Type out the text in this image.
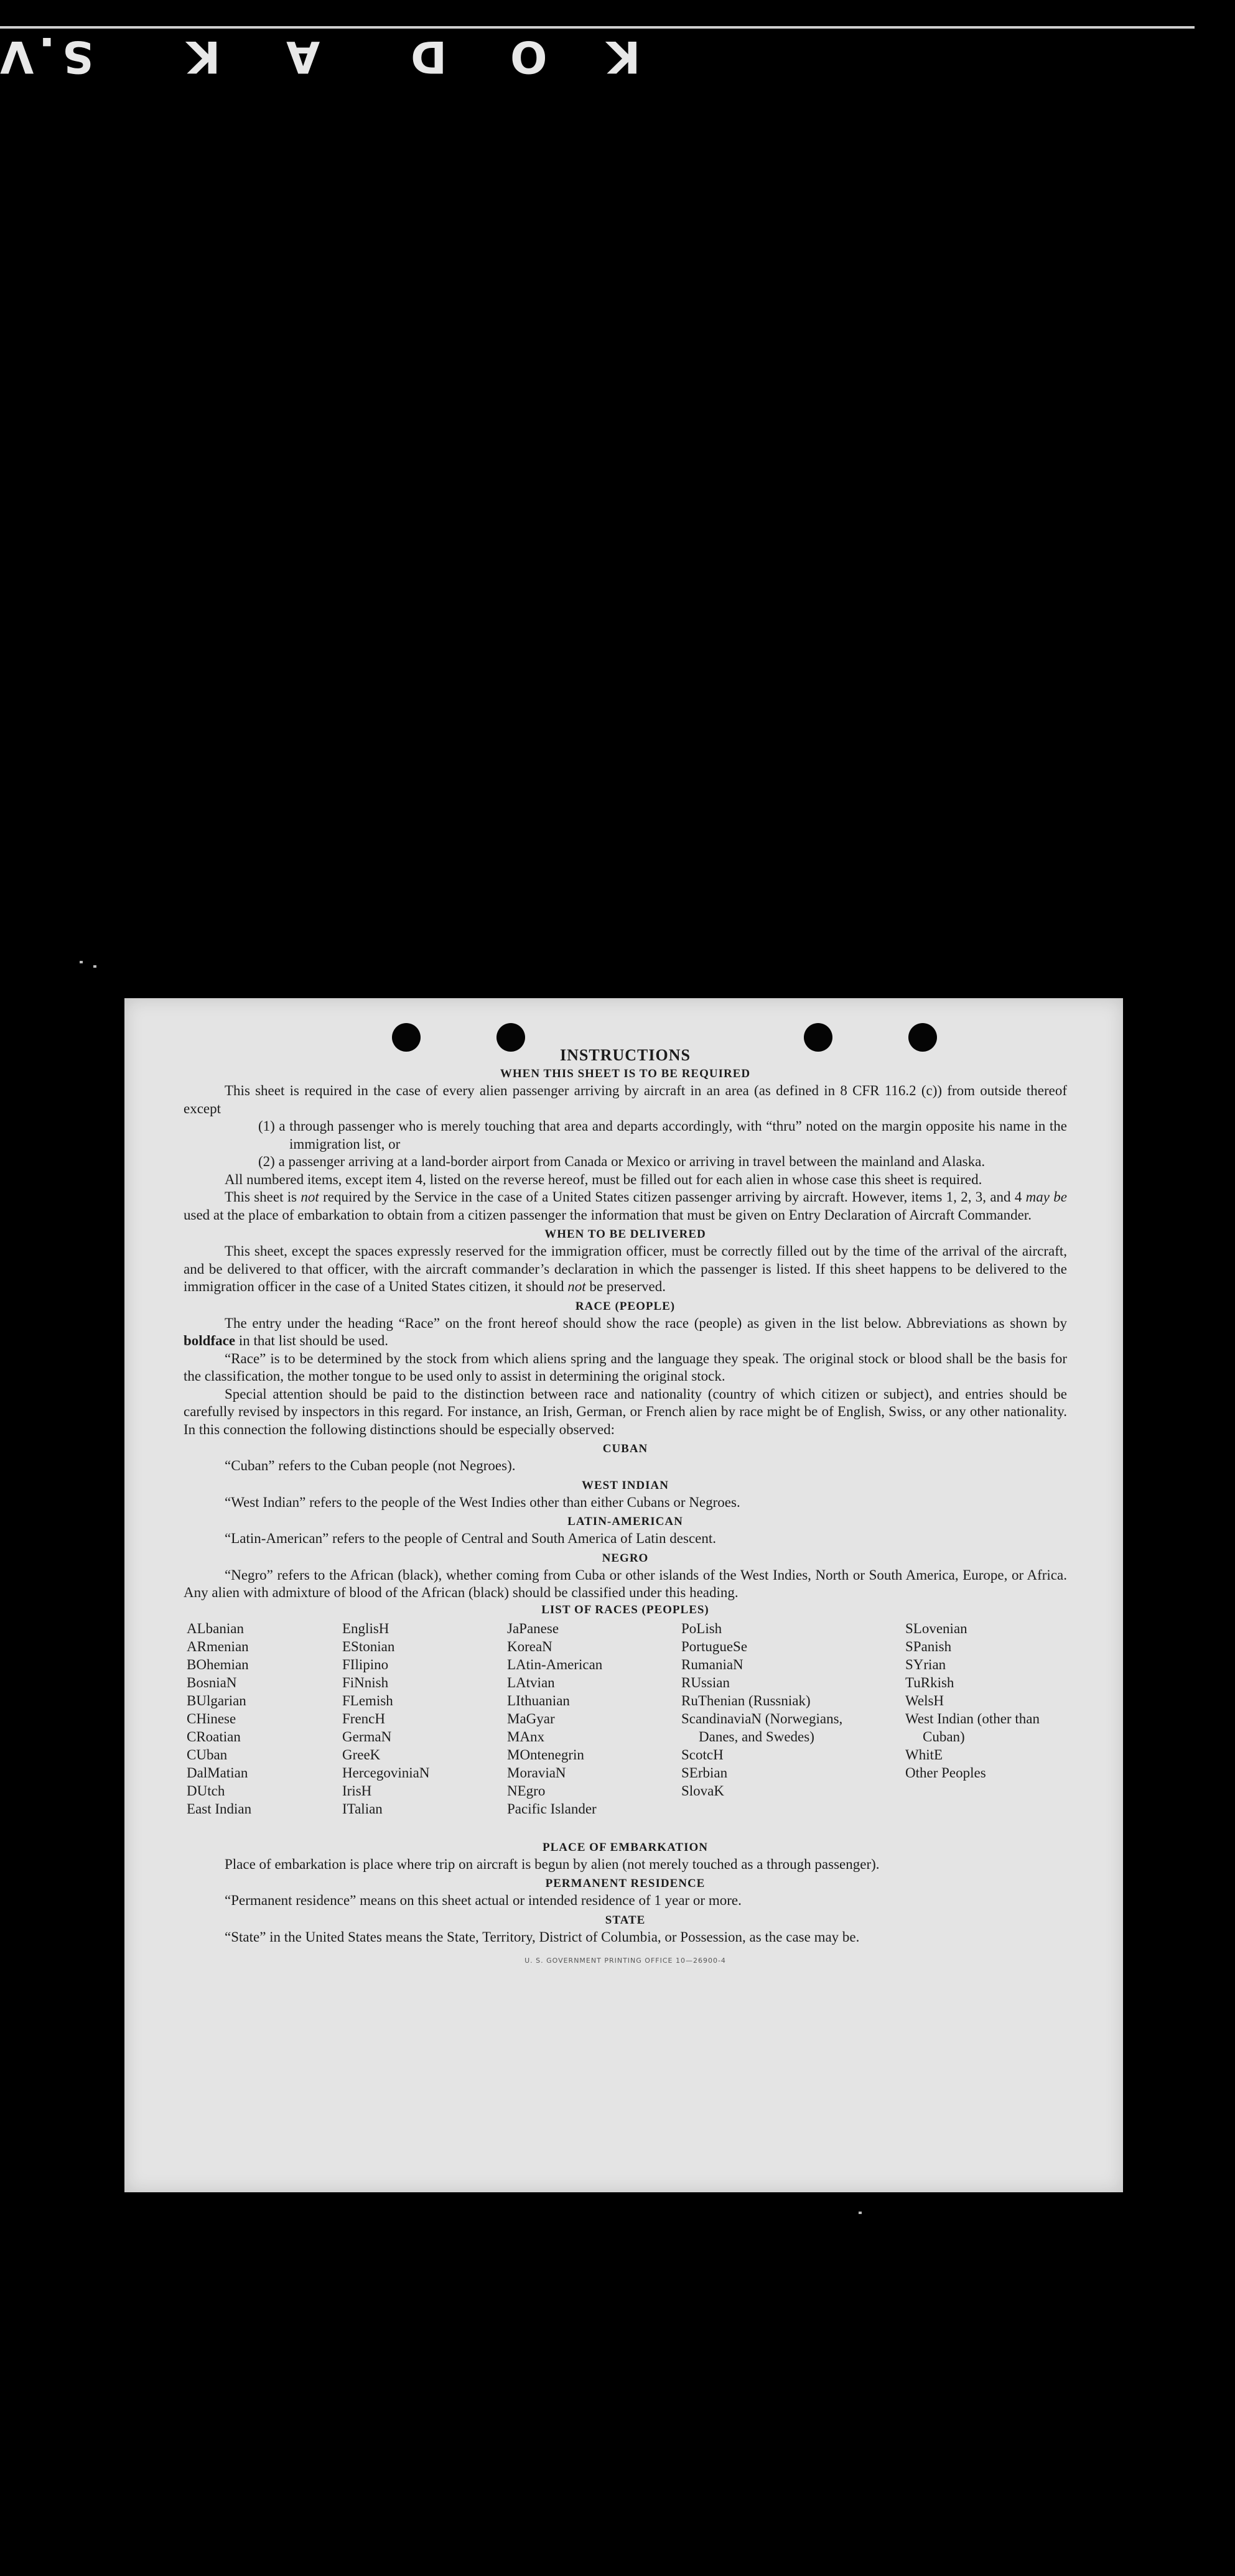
V . S K A D O K
INSTRUCTIONS
WHEN THIS SHEET IS TO BE REQUIRED

This sheet is required in the case of every alien passenger arriving by aircraft in an area (as defined in 8 CFR 116.2 (c)) from outside thereof except

(1) a through passenger who is merely touching that area and departs accordingly, with “thru” noted on the margin opposite his name in the immigration list, or
(2) a passenger arriving at a land-border airport from Canada or Mexico or arriving in travel between the mainland and Alaska.

All numbered items, except item 4, listed on the reverse hereof, must be filled out for each alien in whose case this sheet is required.

This sheet is not required by the Service in the case of a United States citizen passenger arriving by aircraft. However, items 1, 2, 3, and 4 may be used at the place of embarkation to obtain from a citizen passenger the information that must be given on Entry Declaration of Aircraft Commander.

WHEN TO BE DELIVERED

This sheet, except the spaces expressly reserved for the immigration officer, must be correctly filled out by the time of the arrival of the aircraft, and be delivered to that officer, with the aircraft commander’s declaration in which the passenger is listed. If this sheet happens to be delivered to the immigration officer in the case of a United States citizen, it should not be preserved.

RACE (PEOPLE)

The entry under the heading “Race” on the front hereof should show the race (people) as given in the list below. Abbreviations as shown by boldface in that list should be used.

“Race” is to be determined by the stock from which aliens spring and the language they speak. The original stock or blood shall be the basis for the classification, the mother tongue to be used only to assist in determining the original stock.

Special attention should be paid to the distinction between race and nationality (country of which citizen or subject), and entries should be carefully revised by inspectors in this regard. For instance, an Irish, German, or French alien by race might be of English, Swiss, or any other nationality. In this connection the following distinctions should be especially observed:

CUBAN

“Cuban” refers to the Cuban people (not Negroes).

WEST INDIAN

“West Indian” refers to the people of the West Indies other than either Cubans or Negroes.

LATIN-AMERICAN

“Latin-American” refers to the people of Central and South America of Latin descent.

NEGRO

“Negro” refers to the African (black), whether coming from Cuba or other islands of the West Indies, North or South America, Europe, or Africa. Any alien with admixture of blood of the African (black) should be classified under this heading.

LIST OF RACES (PEOPLES)
ALbanian
ARmenian
BOhemian
BosniaN
BUlgarian
CHinese
CRoatian
CUban
DalMatian
DUtch
East Indian
EnglisH
EStonian
FIlipino
FiNnish
FLemish
FrencH
GermaN
GreeK
HercegoviniaN
IrisH
ITalian
JaPanese
KoreaN
LAtin-American
LAtvian
LIthuanian
MaGyar
MAnx
MOntenegrin
MoraviaN
NEgro
Pacific Islander
PoLish
PortugueSe
RumaniaN
RUssian
RuThenian (Russniak)
ScandinaviaN (Norwegians, Danes, and Swedes)
ScotcH
SErbian
SlovaK
SLovenian
SPanish
SYrian
TuRkish
WelsH
West Indian (other than Cuban)
WhitE
Other Peoples
PLACE OF EMBARKATION

Place of embarkation is place where trip on aircraft is begun by alien (not merely touched as a through passenger).

PERMANENT RESIDENCE

“Permanent residence” means on this sheet actual or intended residence of 1 year or more.

STATE

“State” in the United States means the State, Territory, District of Columbia, or Possession, as the case may be.

U. S. GOVERNMENT PRINTING OFFICE 10—26900-4
